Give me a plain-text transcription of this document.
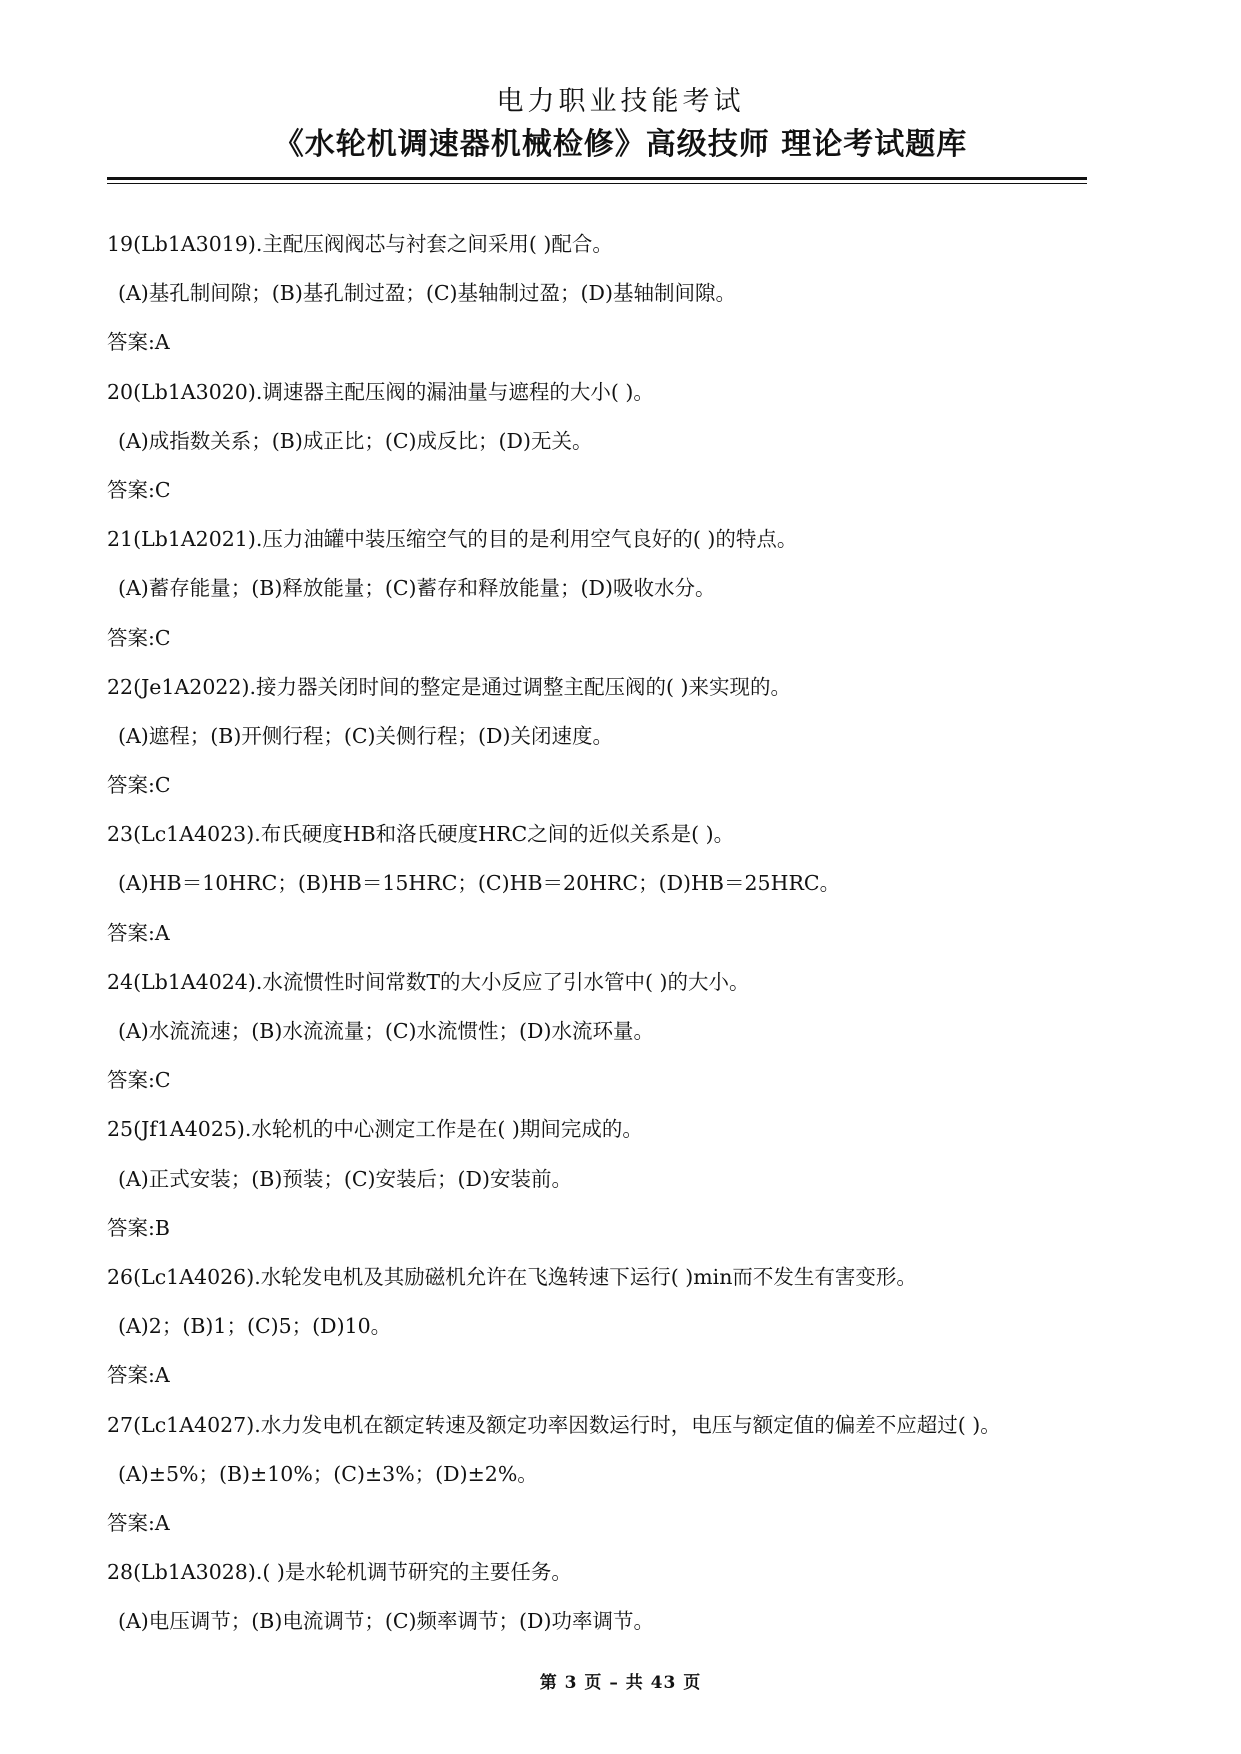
电力职业技能考试
《水轮机调速器机械检修》高级技师 理论考试题库
19(Lb1A3019).主配压阀阀芯与衬套之间采用( )配合。
(A)基孔制间隙；(B)基孔制过盈；(C)基轴制过盈；(D)基轴制间隙。
答案:A
20(Lb1A3020).调速器主配压阀的漏油量与遮程的大小( )。
(A)成指数关系；(B)成正比；(C)成反比；(D)无关。
答案:C
21(Lb1A2021).压力油罐中装压缩空气的目的是利用空气良好的( )的特点。
(A)蓄存能量；(B)释放能量；(C)蓄存和释放能量；(D)吸收水分。
答案:C
22(Je1A2022).接力器关闭时间的整定是通过调整主配压阀的( )来实现的。
(A)遮程；(B)开侧行程；(C)关侧行程；(D)关闭速度。
答案:C
23(Lc1A4023).布氏硬度HB和洛氏硬度HRC之间的近似关系是( )。
(A)HB＝10HRC；(B)HB＝15HRC；(C)HB＝20HRC；(D)HB＝25HRC。
答案:A
24(Lb1A4024).水流惯性时间常数T的大小反应了引水管中( )的大小。
(A)水流流速；(B)水流流量；(C)水流惯性；(D)水流环量。
答案:C
25(Jf1A4025).水轮机的中心测定工作是在( )期间完成的。
(A)正式安装；(B)预装；(C)安装后；(D)安装前。
答案:B
26(Lc1A4026).水轮发电机及其励磁机允许在飞逸转速下运行( )min而不发生有害变形。
(A)2；(B)1；(C)5；(D)10。
答案:A
27(Lc1A4027).水力发电机在额定转速及额定功率因数运行时，电压与额定值的偏差不应超过( )。
(A)±5%；(B)±10%；(C)±3%；(D)±2%。
答案:A
28(Lb1A3028).( )是水轮机调节研究的主要任务。
(A)电压调节；(B)电流调节；(C)频率调节；(D)功率调节。
第 3 页 – 共 43 页
